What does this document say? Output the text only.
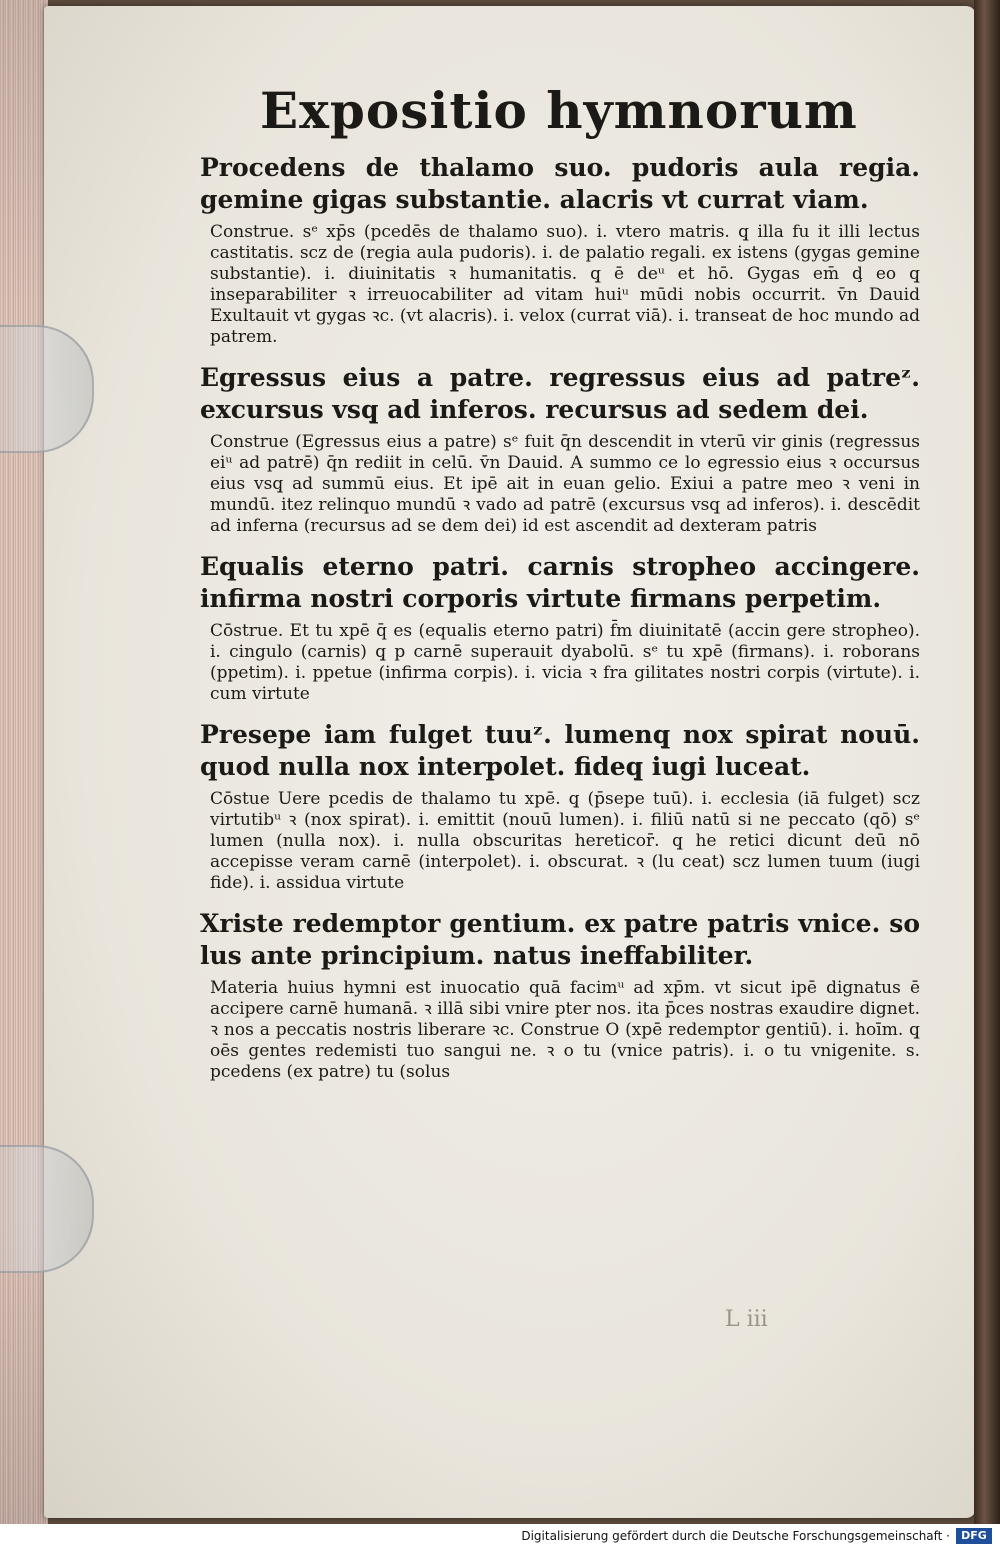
Expositio hymnorum

Procedens de thalamo suo. pudoris aula regia. gemine gigas substantie. alacris vt currat viam.

Construe. sᵉ xp̄s (pcedēs de thalamo suo). i. vtero matris. q̧ illa fu it illi lectus castitatis. scz de (regia aula pudoris). i. de palatio regali. ex istens (gygas gemine substantie). i. diuinitatis ꝛ humanitatis. q̧ ē deᵘ et hō. Gygas em̄ ḑ eo q̧ inseparabiliter ꝛ irreuocabiliter ad vitam huiᵘ mūdi nobis occurrit. v̄n Dauid Exultauit vt gygas ꝛc. (vt alacris). i. velox (currat viā). i. transeat de hoc mundo ad patrem.

Egressus eius a patre. regressus eius ad patreᶻ. excursus vsq̧ ad inferos. recursus ad sedem dei.

Construe (Egressus eius a patre) sᵉ fuit q̄n descendit in vterū vir ginis (regressus eiᵘ ad patrē) q̄n rediit in celū. v̄n Dauid. A summo ce lo egressio eius ꝛ occursus eius vsq̧ ad summū eius. Et ipē ait in euan gelio. Exiui a patre meo ꝛ veni in mundū. itez relinquo mundū ꝛ vado ad patrē (excursus vsq̧ ad inferos). i. descēdit ad inferna (recursus ad se dem dei) id est ascendit ad dexteram patris

Equalis eterno patri. carnis stropheo accingere. infirma nostri corporis virtute firmans perpetim.

Cōstrue. Et tu xpē q̄ es (equalis eterno patri) f̄m diuinitatē (accin gere stropheo). i. cingulo (carnis) q̧ p carnē superauit dyabolū. sᵉ tu xpē (firmans). i. roborans (ppetim). i. ppetue (infirma corpis). i. vicia ꝛ fra gilitates nostri corpis (virtute). i. cum virtute

Presepe iam fulget tuuᶻ. lumenq̧ nox spirat nouū. quod nulla nox interpolet. fideq̧ iugi luceat.

Cōstue Uere pcedis de thalamo tu xpē. q̧ (p̄sepe tuū). i. ecclesia (iā fulget) scz virtutibᵘ ꝛ (nox spirat). i. emittit (nouū lumen). i. filiū natū si ne peccato (qō) sᵉ lumen (nulla nox). i. nulla obscuritas hereticor̄. q̧ he retici dicunt deū nō accepisse veram carnē (interpolet). i. obscurat. ꝛ (lu ceat) scz lumen tuum (iugi fide). i. assidua virtute

Xriste redemptor gentium. ex patre patris vnice. so lus ante principium. natus ineffabiliter.

Materia huius hymni est inuocatio quā facimᵘ ad xp̄m. vt sicut ipē dignatus ē accipere carnē humanā. ꝛ illā sibi vnire pter nos. ita p̄ces nostras exaudire dignet. ꝛ nos a peccatis nostris liberare ꝛc. Construe O (xpē redemptor gentiū). i. hoīm. q̧ oēs gentes redemisti tuo sangui ne. ꝛ o tu (vnice patris). i. o tu vnigenite. s. pcedens (ex patre) tu (solus

L iii
Digitalisierung gefördert durch die Deutsche Forschungsgemeinschaft ·	DFG
